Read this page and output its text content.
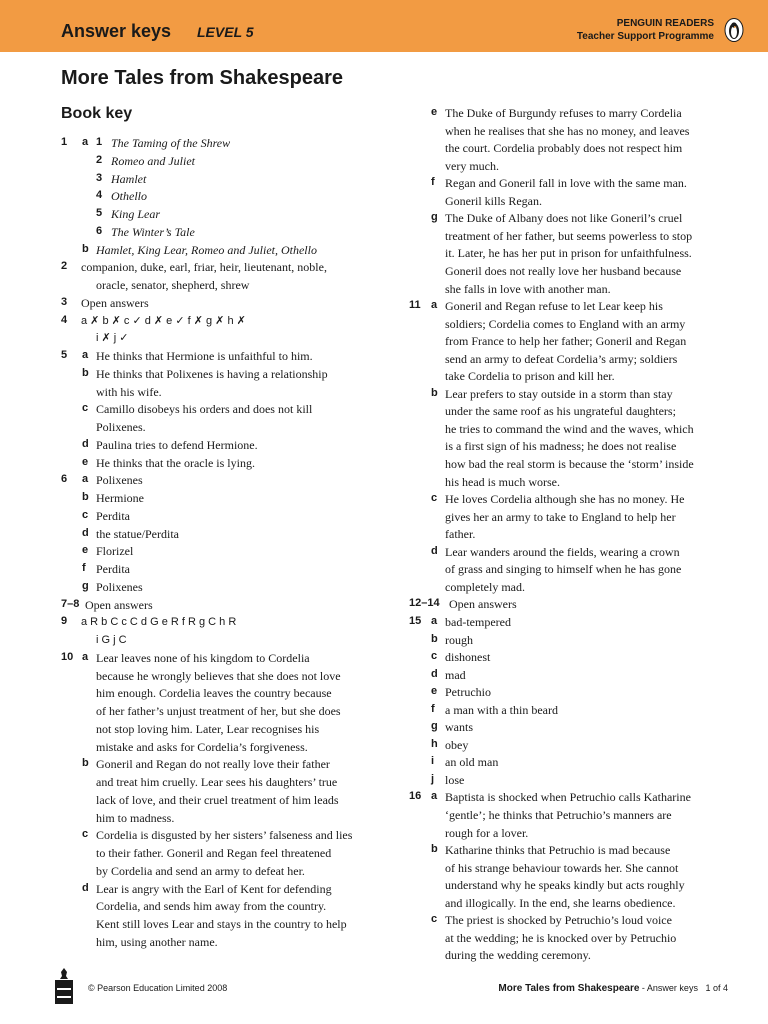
Answer keys LEVEL 5
PENGUIN READERS
Teacher Support Programme
More Tales from Shakespeare
Book key
1 a 1 The Taming of the Shrew
2 Romeo and Juliet
3 Hamlet
4 Othello
5 King Lear
6 The Winter’s Tale
b Hamlet, King Lear, Romeo and Juliet, Othello
2 companion, duke, earl, friar, heir, lieutenant, noble,
oracle, senator, shepherd, shrew
3 Open answers
4 a ✗ b ✗ c ✓ d ✗ e ✓ f ✗ g ✗ h ✗
i ✗ j ✓
5 a He thinks that Hermione is unfaithful to him.
b He thinks that Polixenes is having a relationship
with his wife.
c Camillo disobeys his orders and does not kill
Polixenes.
d Paulina tries to defend Hermione.
e He thinks that the oracle is lying.
6 a Polixenes
b Hermione
c Perdita
d the statue/Perdita
e Florizel
f Perdita
g Polixenes
7–8 Open answers
9 a R b C c C d G e R f R g C h R
i G j C
10 a Lear leaves none of his kingdom to Cordelia
because he wrongly believes that she does not love
him enough. Cordelia leaves the country because
of her father’s unjust treatment of her, but she does
not stop loving him. Later, Lear recognises his
mistake and asks for Cordelia’s forgiveness.
b Goneril and Regan do not really love their father
and treat him cruelly. Lear sees his daughters’ true
lack of love, and their cruel treatment of him leads
him to madness.
c Cordelia is disgusted by her sisters’ falseness and lies
to their father. Goneril and Regan feel threatened
by Cordelia and send an army to defeat her.
d Lear is angry with the Earl of Kent for defending
Cordelia, and sends him away from the country.
Kent still loves Lear and stays in the country to help
him, using another name.
e The Duke of Burgundy refuses to marry Cordelia
when he realises that she has no money, and leaves
the court. Cordelia probably does not respect him
very much.
f Regan and Goneril fall in love with the same man.
Goneril kills Regan.
g The Duke of Albany does not like Goneril’s cruel
treatment of her father, but seems powerless to stop
it. Later, he has her put in prison for unfaithfulness.
Goneril does not really love her husband because
she falls in love with another man.
11 a Goneril and Regan refuse to let Lear keep his
soldiers; Cordelia comes to England with an army
from France to help her father; Goneril and Regan
send an army to defeat Cordelia’s army; soldiers
take Cordelia to prison and kill her.
b Lear prefers to stay outside in a storm than stay
under the same roof as his ungrateful daughters;
he tries to command the wind and the waves, which
is a first sign of his madness; he does not realise
how bad the real storm is because the ‘storm’ inside
his head is much worse.
c He loves Cordelia although she has no money. He
gives her an army to take to England to help her
father.
d Lear wanders around the fields, wearing a crown
of grass and singing to himself when he has gone
completely mad.
12–14 Open answers
15 a bad-tempered
b rough
c dishonest
d mad
e Petruchio
f a man with a thin beard
g wants
h obey
i an old man
j lose
16 a Baptista is shocked when Petruchio calls Katharine
‘gentle’; he thinks that Petruchio’s manners are
rough for a lover.
b Katharine thinks that Petruchio is mad because
of his strange behaviour towards her. She cannot
understand why he speaks kindly but acts roughly
and illogically. In the end, she learns obedience.
c The priest is shocked by Petruchio’s loud voice
at the wedding; he is knocked over by Petruchio
during the wedding ceremony.
© Pearson Education Limited 2008	More Tales from Shakespeare - Answer keys 1 of 4
